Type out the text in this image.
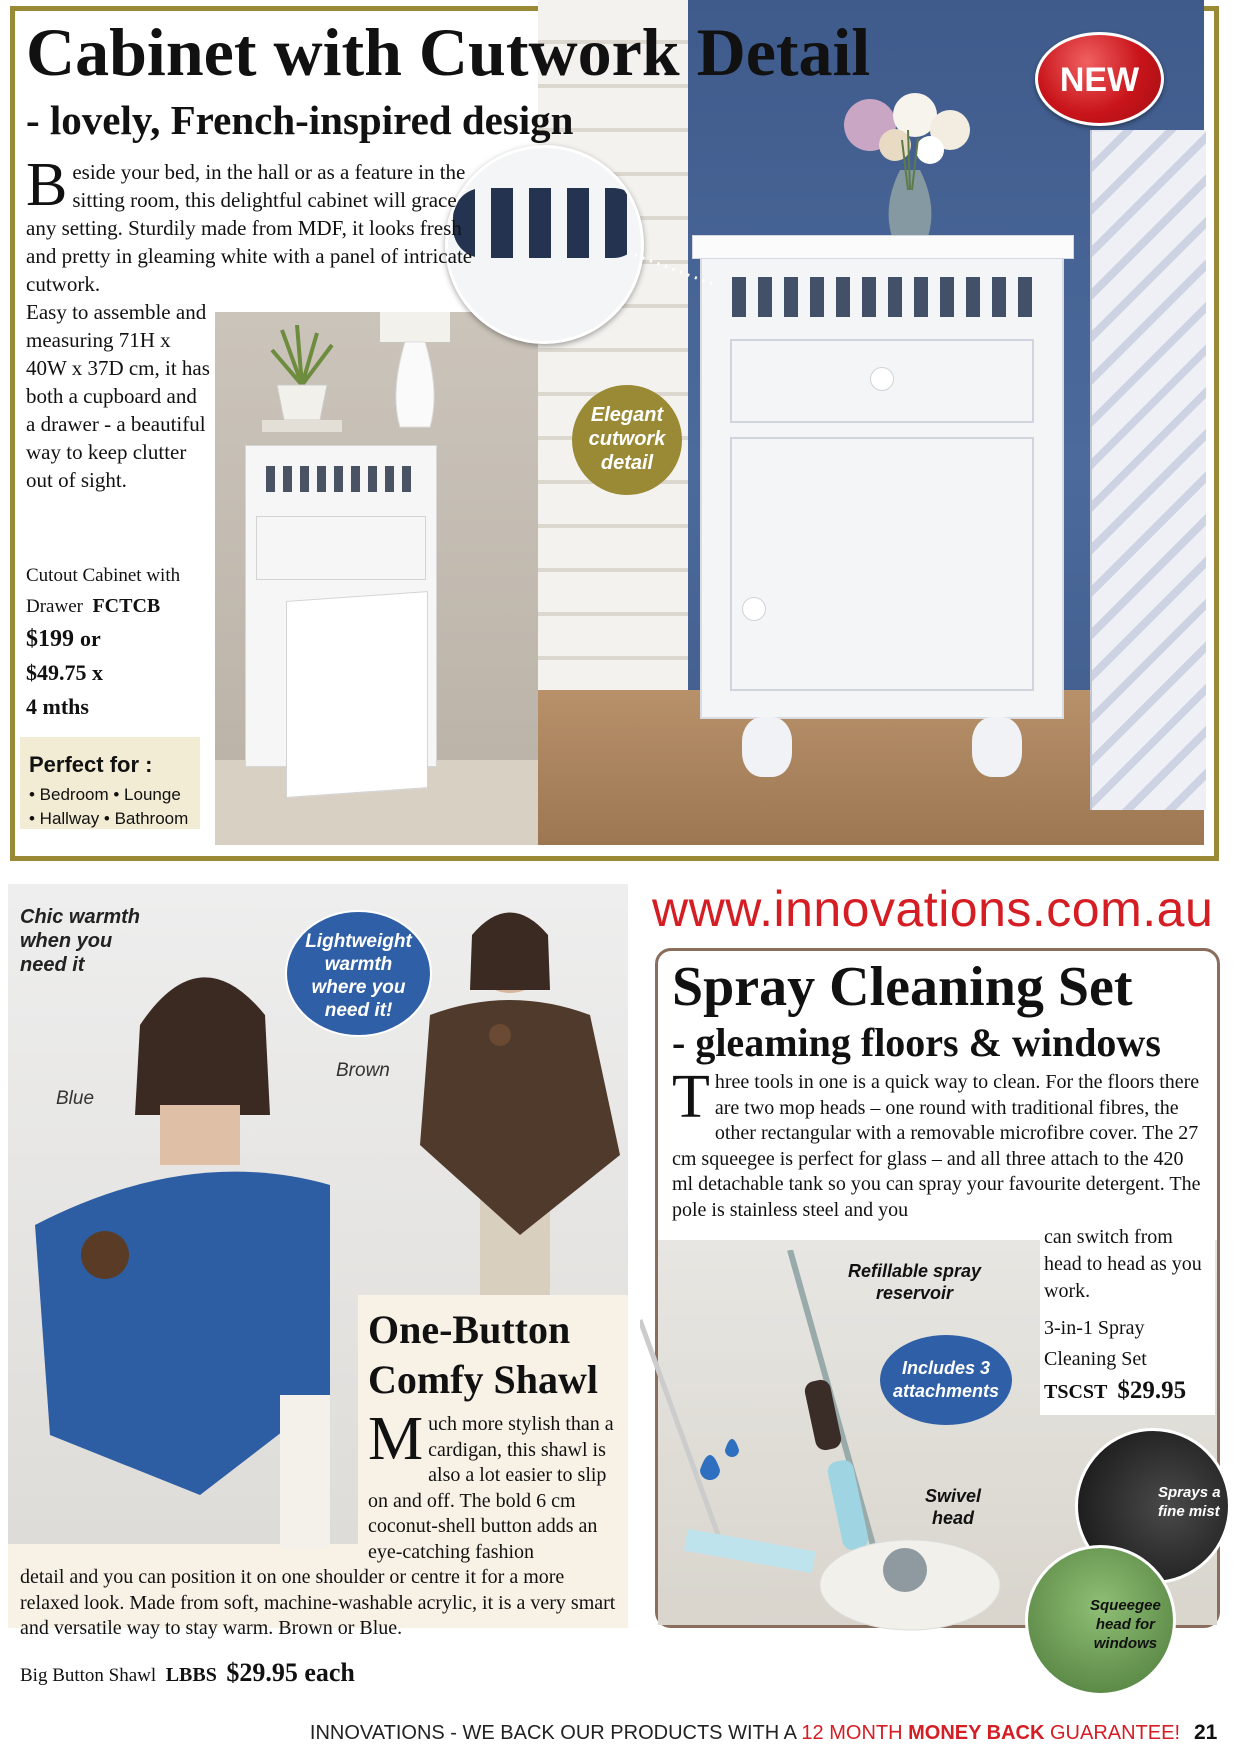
NEW
Elegant
cutwork
detail
Cabinet with Cutwork Detail
- lovely, French-inspired design
Beside your bed, in the hall or as a feature in the sitting room, this delightful cabinet will grace any setting. Sturdily made from MDF, it looks fresh and pretty in gleaming white with a panel of intricate cutwork.
Easy to assemble and measuring 71H x 40W x 37D cm, it has both a cupboard and a drawer - a beautiful way to keep clutter out of sight.
Cutout Cabinet with Drawer FCTCB
$199 or
$49.75 x
4 mths
Perfect for :
• Bedroom • Lounge
• Hallway • Bathroom
Chic warmth
when you
need it
Lightweight
warmth
where you
need it!
Blue
Brown
One-Button
Comfy Shawl
Much more stylish than a cardigan, this shawl is also a lot easier to slip on and off. The bold 6 cm coconut-shell button adds an eye-catching fashion
detail and you can position it on one shoulder or centre it for a more relaxed look. Made from soft, machine-washable acrylic, it is a very smart and versatile way to stay warm. Brown or Blue.
Big Button Shawl LBBS $29.95 each
www.innovations.com.au
Spray Cleaning Set
- gleaming floors & windows
Three tools in one is a quick way to clean. For the floors there are two mop heads – one round with traditional fibres, the other rectangular with a removable microfibre cover. The 27 cm squeegee is perfect for glass – and all three attach to the 420 ml detachable tank so you can spray your favourite detergent. The pole is stainless steel and you
can switch from head to head as you work.
3-in-1 Spray Cleaning Set
TSCST $29.95
Refillable spray
reservoir
Includes 3
attachments
Swivel
head
Sprays a
fine mist
Squeegee
head for
windows
INNOVATIONS - WE BACK OUR PRODUCTS WITH A 12 MONTH MONEY BACK GUARANTEE! 21
